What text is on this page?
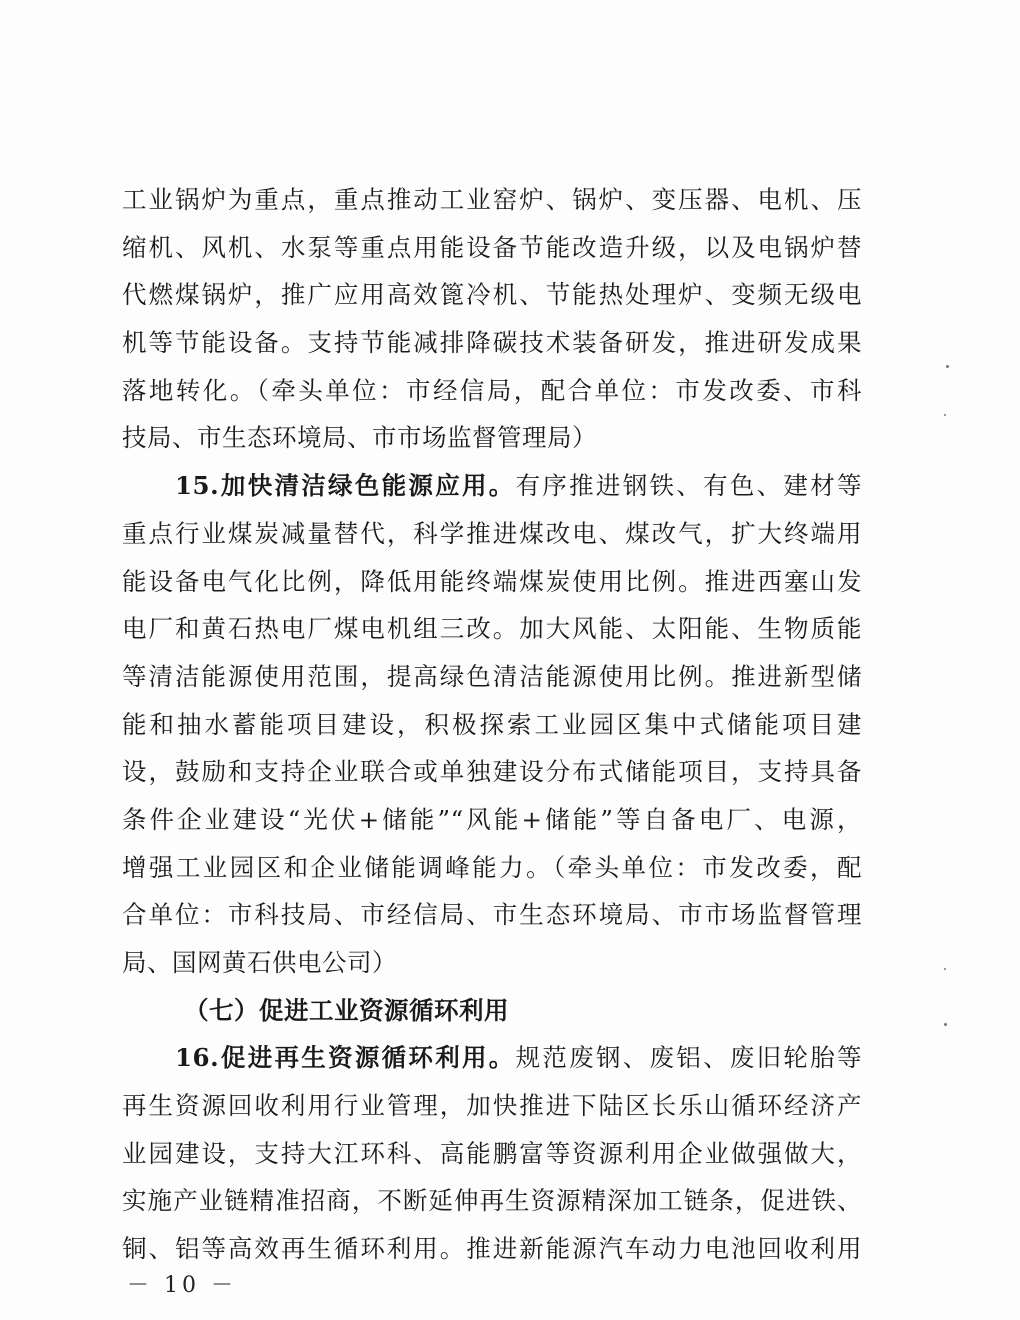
工业锅炉为重点，重点推动工业窑炉、锅炉、变压器、电机、压
缩机、风机、水泵等重点用能设备节能改造升级，以及电锅炉替
代燃煤锅炉，推广应用高效篦冷机、节能热处理炉、变频无级电
机等节能设备。支持节能减排降碳技术装备研发，推进研发成果
落地转化。（牵头单位：市经信局，配合单位：市发改委、市科
技局、市生态环境局、市市场监督管理局）
15.加快清洁绿色能源应用。有序推进钢铁、有色、建材等
重点行业煤炭减量替代，科学推进煤改电、煤改气，扩大终端用
能设备电气化比例，降低用能终端煤炭使用比例。推进西塞山发
电厂和黄石热电厂煤电机组三改。加大风能、太阳能、生物质能
等清洁能源使用范围，提高绿色清洁能源使用比例。推进新型储
能和抽水蓄能项目建设，积极探索工业园区集中式储能项目建
设，鼓励和支持企业联合或单独建设分布式储能项目，支持具备
条件企业建设“光伏+储能”“风能+储能”等自备电厂、电源，
增强工业园区和企业储能调峰能力。（牵头单位：市发改委，配
合单位：市科技局、市经信局、市生态环境局、市市场监督管理
局、国网黄石供电公司）
（七）促进工业资源循环利用
16.促进再生资源循环利用。规范废钢、废铝、废旧轮胎等
再生资源回收利用行业管理，加快推进下陆区长乐山循环经济产
业园建设，支持大江环科、高能鹏富等资源利用企业做强做大，
实施产业链精准招商，不断延伸再生资源精深加工链条，促进铁、
铜、铝等高效再生循环利用。推进新能源汽车动力电池回收利用
－ 10 －
